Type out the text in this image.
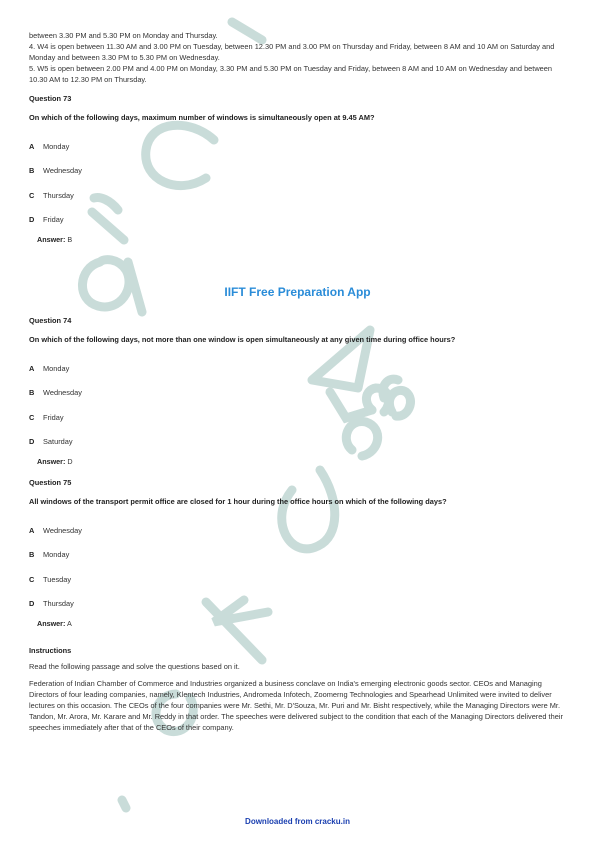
between 3.30 PM and 5.30 PM on Monday and Thursday.
4. W4 is open between 11.30 AM and 3.00 PM on Tuesday, between 12.30 PM and 3.00 PM on Thursday and Friday, between 8 AM and 10 AM on Saturday and Monday and between 3.30 PM to 5.30 PM on Wednesday.
5. W5 is open between 2.00 PM and 4.00 PM on Monday, 3.30 PM and 5.30 PM on Tuesday and Friday, between 8 AM and 10 AM on Wednesday and between 10.30 AM to 12.30 PM on Thursday.
Question 73
On which of the following days, maximum number of windows is simultaneously open at 9.45 AM?
A	Monday
B	Wednesday
C	Thursday
D	Friday
Answer: B
IIFT Free Preparation App
Question 74
On which of the following days, not more than one window is open simultaneously at any given time during office hours?
A	Monday
B	Wednesday
C	Friday
D	Saturday
Answer: D
Question 75
All windows of the transport permit office are closed for 1 hour during the office hours on which of the following days?
A	Wednesday
B	Monday
C	Tuesday
D	Thursday
Answer: A
Instructions
Read the following passage and solve the questions based on it.
Federation of Indian Chamber of Commerce and Industries organized a business conclave on India's emerging electronic goods sector. CEOs and Managing Directors of four leading companies, namely, Klentech Industries, Andromeda Infotech, Zoomerng Technologies and Spearhead Unlimited were invited to deliver lectures on this occasion. The CEOs of the four companies were Mr. Sethi, Mr. D'Souza, Mr. Puri and Mr. Bisht respectively, while the Managing Directors were Mr. Tandon, Mr. Arora, Mr. Karare and Mr. Reddy in that order. The speeches were delivered subject to the condition that each of the Managing Directors delivered their speeches immediately after that of the CEOs of their company.
Downloaded from cracku.in
